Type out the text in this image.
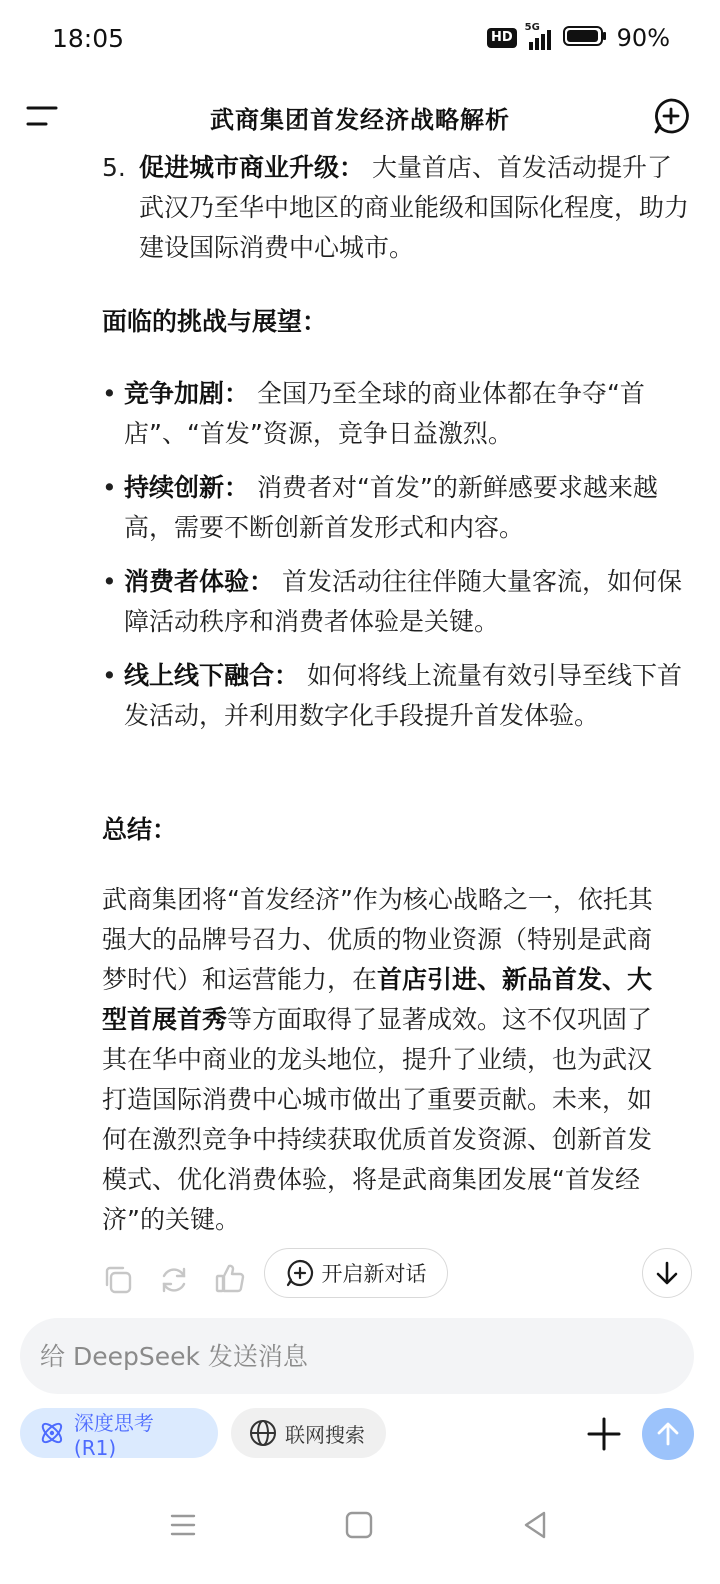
18:05	HD
5G	90%
武商集团首发经济战略解析
5. 促进城市商业升级： 大量首店、首发活动提升了武汉乃至华中地区的商业能级和国际化程度，助力建设国际消费中心城市。
面临的挑战与展望：
• 竞争加剧： 全国乃至全球的商业体都在争夺“首店”、“首发”资源，竞争日益激烈。
• 持续创新： 消费者对“首发”的新鲜感要求越来越高，需要不断创新首发形式和内容。
• 消费者体验： 首发活动往往伴随大量客流，如何保障活动秩序和消费者体验是关键。
• 线上线下融合： 如何将线上流量有效引导至线下首发活动，并利用数字化手段提升首发体验。
总结：
武商集团将“首发经济”作为核心战略之一，依托其强大的品牌号召力、优质的物业资源（特别是武商梦时代）和运营能力，在首店引进、新品首发、大型首展首秀等方面取得了显著成效。这不仅巩固了其在华中商业的龙头地位，提升了业绩，也为武汉打造国际消费中心城市做出了重要贡献。未来，如何在激烈竞争中持续获取优质首发资源、创新首发模式、优化消费体验，将是武商集团发展“首发经济”的关键。
开启新对话
给 DeepSeek 发送消息
深度思考 (R1)
联网搜索
